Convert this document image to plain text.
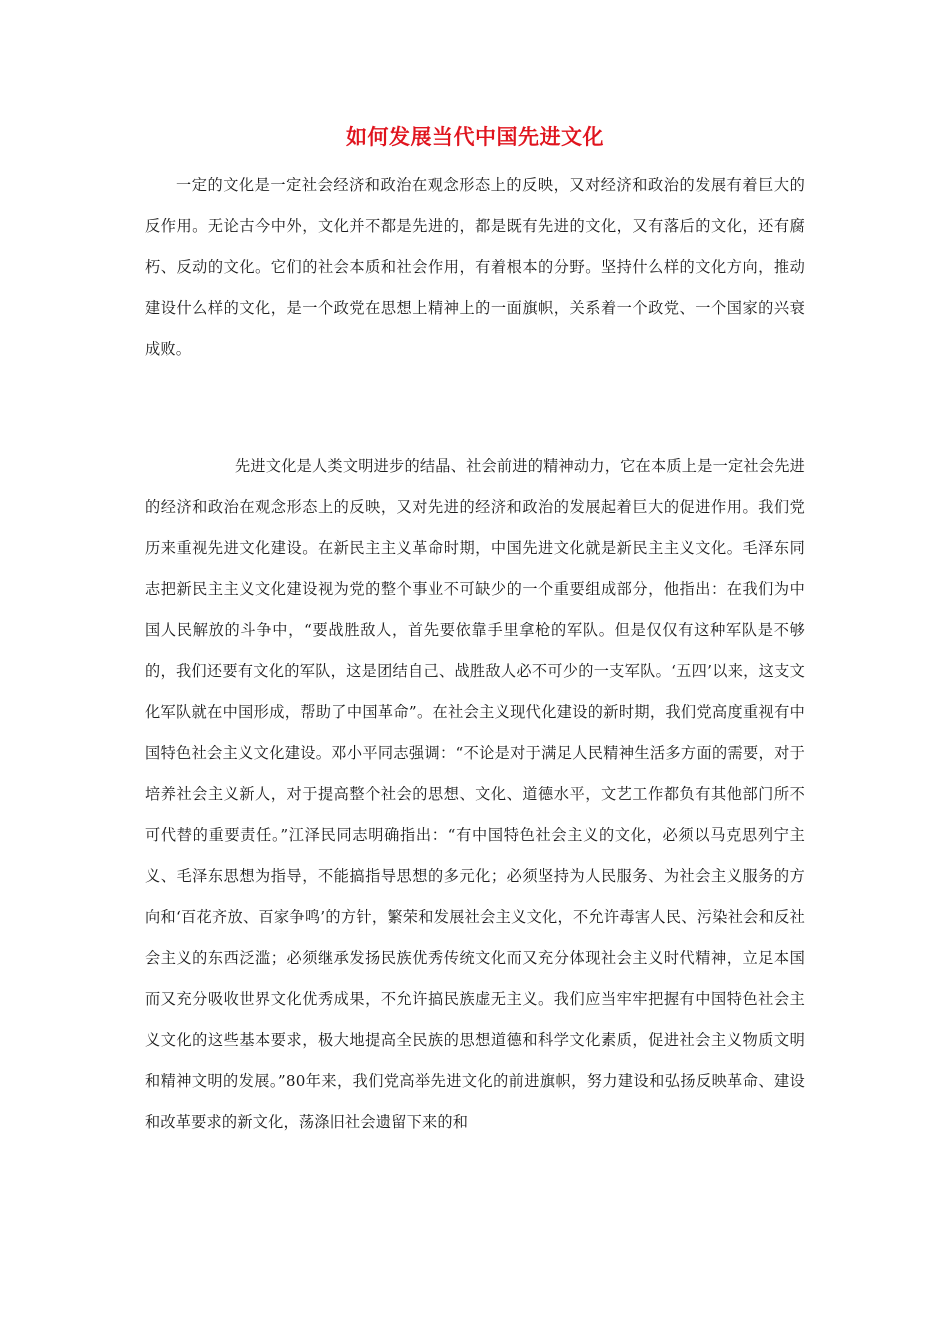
如何发展当代中国先进文化

一定的文化是一定社会经济和政治在观念形态上的反映，又对经济和政治的发展有着巨大的反作用。无论古今中外，文化并不都是先进的，都是既有先进的文化，又有落后的文化，还有腐朽、反动的文化。它们的社会本质和社会作用，有着根本的分野。坚持什么样的文化方向，推动建设什么样的文化，是一个政党在思想上精神上的一面旗帜，关系着一个政党、一个国家的兴衰成败。

先进文化是人类文明进步的结晶、社会前进的精神动力，它在本质上是一定社会先进的经济和政治在观念形态上的反映，又对先进的经济和政治的发展起着巨大的促进作用。我们党历来重视先进文化建设。在新民主主义革命时期，中国先进文化就是新民主主义文化。毛泽东同志把新民主主义文化建设视为党的整个事业不可缺少的一个重要组成部分，他指出：在我们为中国人民解放的斗争中，“要战胜敌人，首先要依靠手里拿枪的军队。但是仅仅有这种军队是不够的，我们还要有文化的军队，这是团结自己、战胜敌人必不可少的一支军队。‘五四’以来，这支文化军队就在中国形成，帮助了中国革命”。在社会主义现代化建设的新时期，我们党高度重视有中国特色社会主义文化建设。邓小平同志强调：“不论是对于满足人民精神生活多方面的需要，对于培养社会主义新人，对于提高整个社会的思想、文化、道德水平，文艺工作都负有其他部门所不可代替的重要责任。”江泽民同志明确指出：“有中国特色社会主义的文化，必须以马克思列宁主义、毛泽东思想为指导，不能搞指导思想的多元化；必须坚持为人民服务、为社会主义服务的方向和‘百花齐放、百家争鸣’的方针，繁荣和发展社会主义文化，不允许毒害人民、污染社会和反社会主义的东西泛滥；必须继承发扬民族优秀传统文化而又充分体现社会主义时代精神，立足本国而又充分吸收世界文化优秀成果，不允许搞民族虚无主义。我们应当牢牢把握有中国特色社会主义文化的这些基本要求，极大地提高全民族的思想道德和科学文化素质，促进社会主义物质文明和精神文明的发展。”80年来，我们党高举先进文化的前进旗帜，努力建设和弘扬反映革命、建设和改革要求的新文化，荡涤旧社会遗留下来的和
